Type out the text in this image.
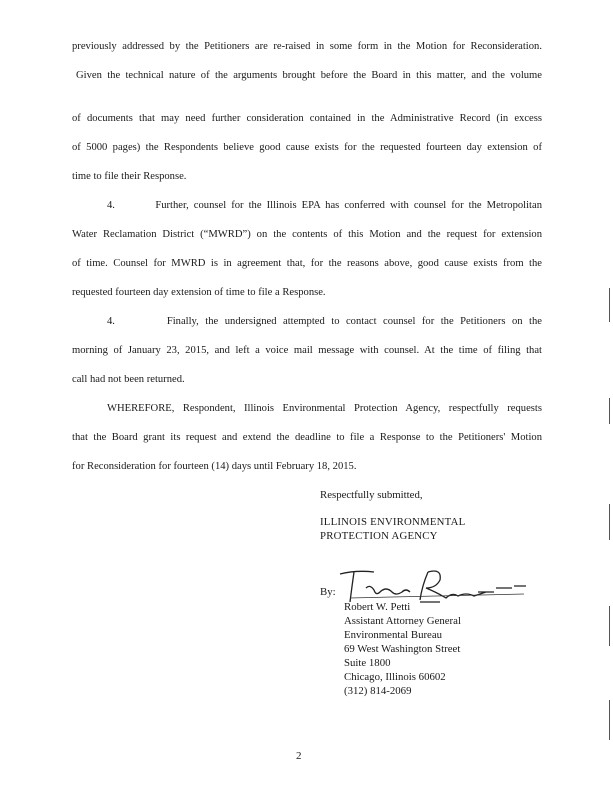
previously addressed by the Petitioners are re-raised in some form in the Motion for Reconsideration.
Given the technical nature of the arguments brought before the Board in this matter, and the volume
of documents that may need further consideration contained in the Administrative Record (in excess
of 5000 pages) the Respondents believe good cause exists for the requested fourteen day extension of
time to file their Response.
4.        Further, counsel for the Illinois EPA has conferred with counsel for the Metropolitan
Water Reclamation District (“MWRD”) on the contents of this Motion and the request for extension
of time. Counsel for MWRD is in agreement that, for the reasons above, good cause exists from the
requested fourteen day extension of time to file a Response.
4.        Finally, the undersigned attempted to contact counsel for the Petitioners on the
morning of January 23, 2015, and left a voice mail message with counsel. At the time of filing that
call had not been returned.
WHEREFORE, Respondent, Illinois Environmental Protection Agency, respectfully requests
that the Board grant its request and extend the deadline to file a Response to the Petitioners' Motion
for Reconsideration for fourteen (14) days until February 18, 2015.
Respectfully submitted,
ILLINOIS ENVIRONMENTAL
PROTECTION AGENCY
By:
Robert W. Petti
Assistant Attorney General
Environmental Bureau
69 West Washington Street
Suite 1800
Chicago, Illinois 60602
(312) 814-2069
2
